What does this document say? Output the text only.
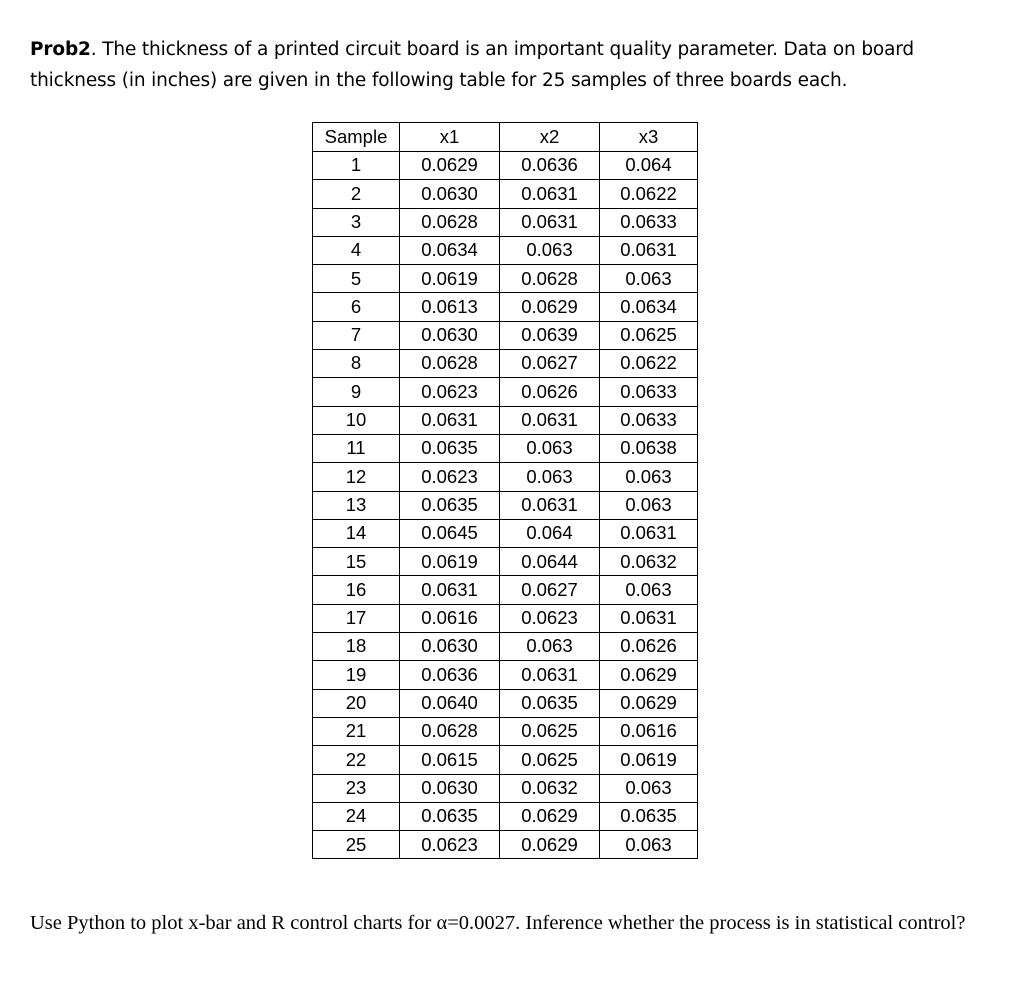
Prob2. The thickness of a printed circuit board is an important quality parameter. Data on board thickness (in inches) are given in the following table for 25 samples of three boards each.
Sample	x1	x2	x3
1	0.0629	0.0636	0.064
2	0.0630	0.0631	0.0622
3	0.0628	0.0631	0.0633
4	0.0634	0.063	0.0631
5	0.0619	0.0628	0.063
6	0.0613	0.0629	0.0634
7	0.0630	0.0639	0.0625
8	0.0628	0.0627	0.0622
9	0.0623	0.0626	0.0633
10	0.0631	0.0631	0.0633
11	0.0635	0.063	0.0638
12	0.0623	0.063	0.063
13	0.0635	0.0631	0.063
14	0.0645	0.064	0.0631
15	0.0619	0.0644	0.0632
16	0.0631	0.0627	0.063
17	0.0616	0.0623	0.0631
18	0.0630	0.063	0.0626
19	0.0636	0.0631	0.0629
20	0.0640	0.0635	0.0629
21	0.0628	0.0625	0.0616
22	0.0615	0.0625	0.0619
23	0.0630	0.0632	0.063
24	0.0635	0.0629	0.0635
25	0.0623	0.0629	0.063
Use Python to plot x-bar and R control charts for α=0.0027. Inference whether the process is in statistical control?
